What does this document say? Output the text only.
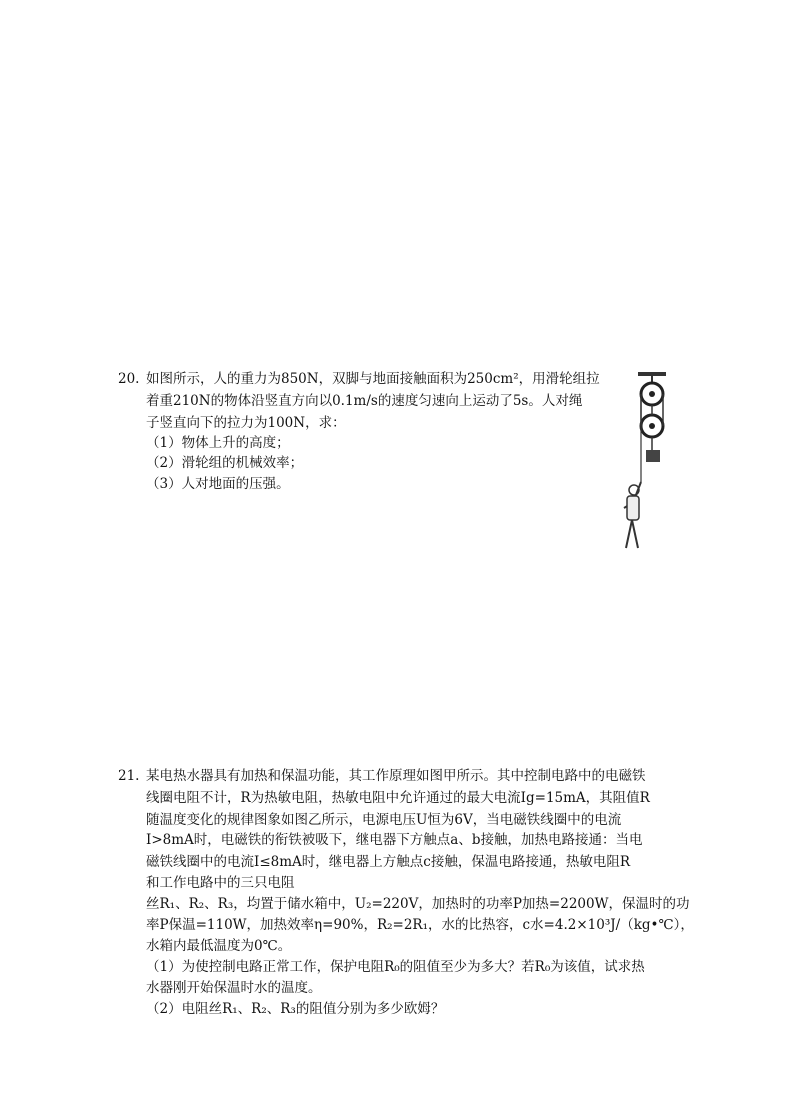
20. 如图所示，人的重力为850N，双脚与地面接触面积为250cm²，用滑轮组拉
着重210N的物体沿竖直方向以0.1m/s的速度匀速向上运动了5s。人对绳
子竖直向下的拉力为100N，求：
（1）物体上升的高度；
（2）滑轮组的机械效率；
（3）人对地面的压强。
21. 某电热水器具有加热和保温功能，其工作原理如图甲所示。其中控制电路中的电磁铁
线圈电阻不计，R为热敏电阻，热敏电阻中允许通过的最大电流Ig=15mA，其阻值R
随温度变化的规律图象如图乙所示，电源电压U恒为6V，当电磁铁线圈中的电流
I>8mA时，电磁铁的衔铁被吸下，继电器下方触点a、b接触，加热电路接通：当电
磁铁线圈中的电流I≤8mA时，继电器上方触点c接触，保温电路接通，热敏电阻R
和工作电路中的三只电阻
丝R₁、R₂、R₃，均置于储水箱中，U₂=220V，加热时的功率P加热=2200W，保温时的功
率P保温=110W，加热效率η=90%，R₂=2R₁，水的比热容，c水=4.2×10³J/（kg•℃），
水箱内最低温度为0℃。
（1）为使控制电路正常工作，保护电阻R₀的阻值至少为多大？若R₀为该值，试求热
水器刚开始保温时水的温度。
（2）电阻丝R₁、R₂、R₃的阻值分别为多少欧姆？
